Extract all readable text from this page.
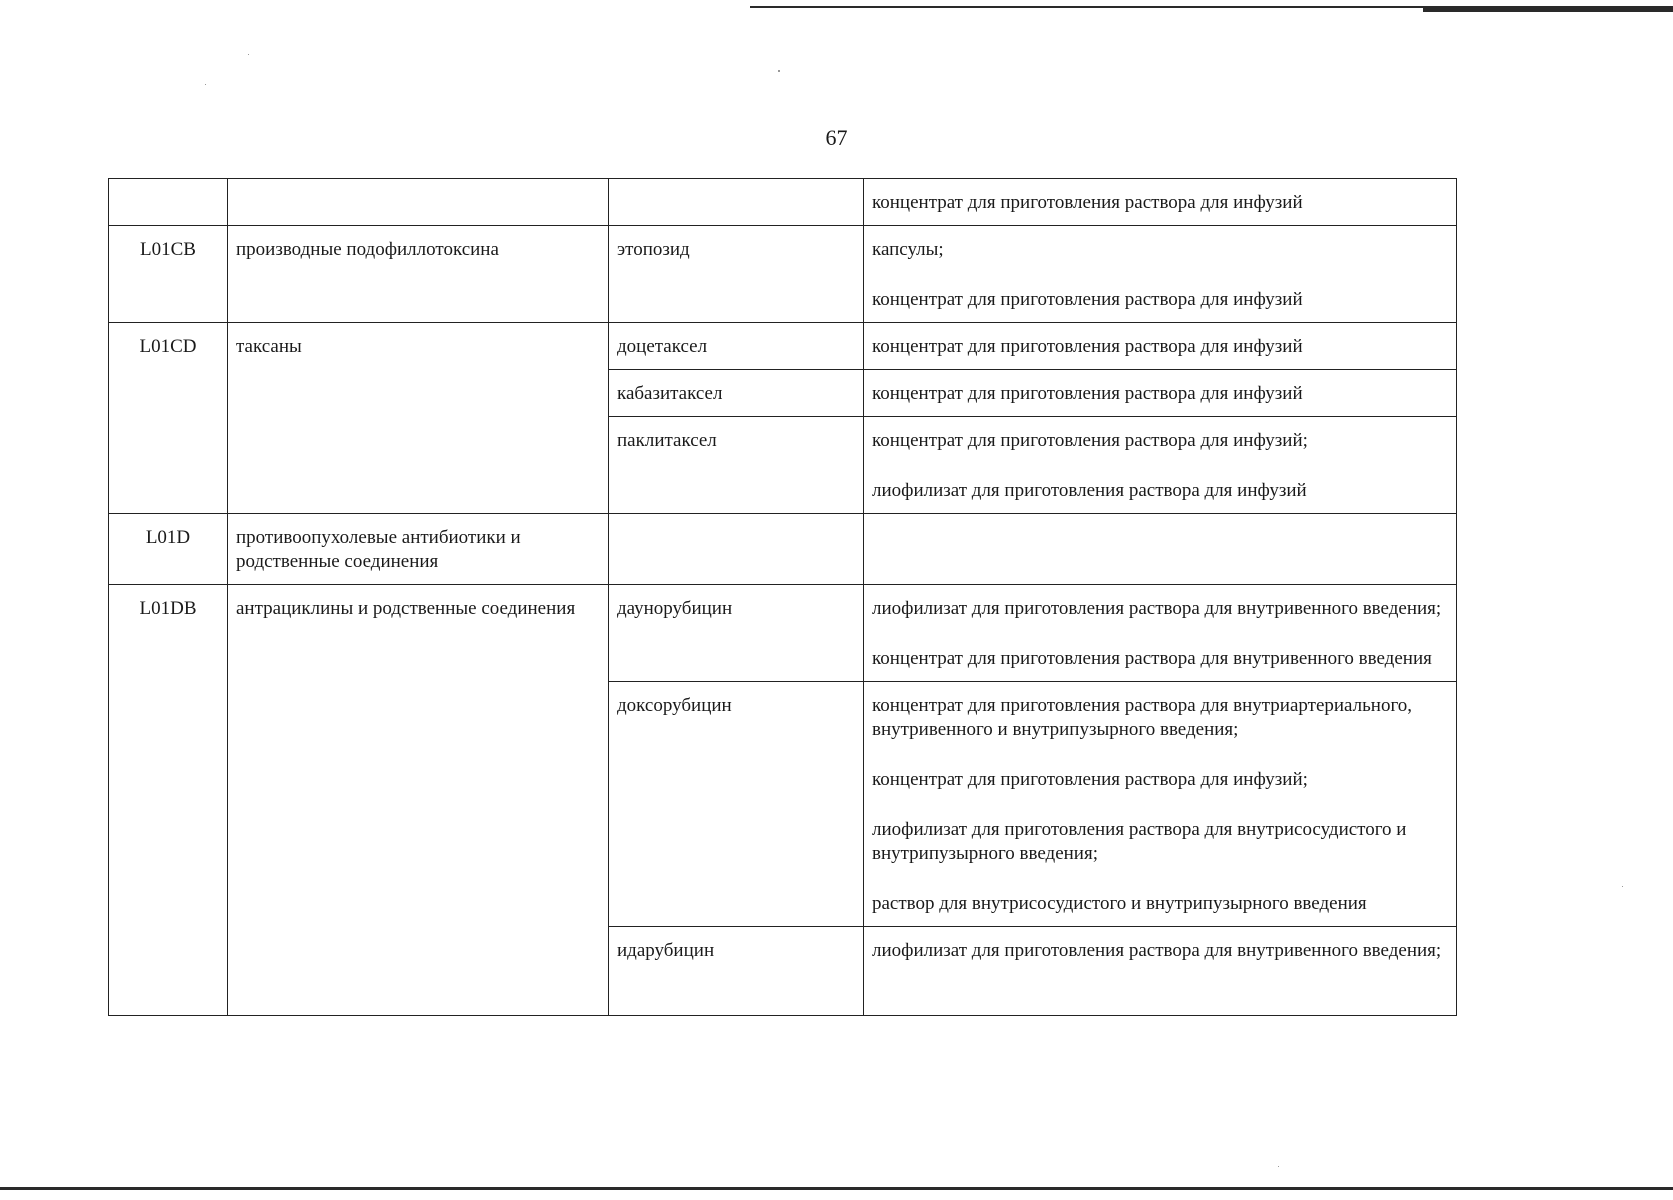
67

			концентрат для приготовления раствора для инфузий

L01CB	производные подофиллотоксина	этопозид	капсулы;
концентрат для приготовления раствора для инфузий

L01CD	таксаны	доцетаксел	концентрат для приготовления раствора для инфузий

		кабазитаксел	концентрат для приготовления раствора для инфузий

		паклитаксел	концентрат для приготовления раствора для инфузий;
лиофилизат для приготовления раствора для инфузий

L01D	противоопухолевые антибиотики и родственные соединения		

L01DB	антрациклины и родственные соединения	даунорубицин	лиофилизат для приготовления раствора для внутривенного введения;
концентрат для приготовления раствора для внутривенного введения

		доксорубицин	концентрат для приготовления раствора для внутриартериального, внутривенного и внутрипузырного введения;
концентрат для приготовления раствора для инфузий;
лиофилизат для приготовления раствора для внутрисосудистого и внутрипузырного введения;
раствор для внутрисосудистого и внутрипузырного введения

		идарубицин	лиофилизат для приготовления раствора для внутривенного введения;
